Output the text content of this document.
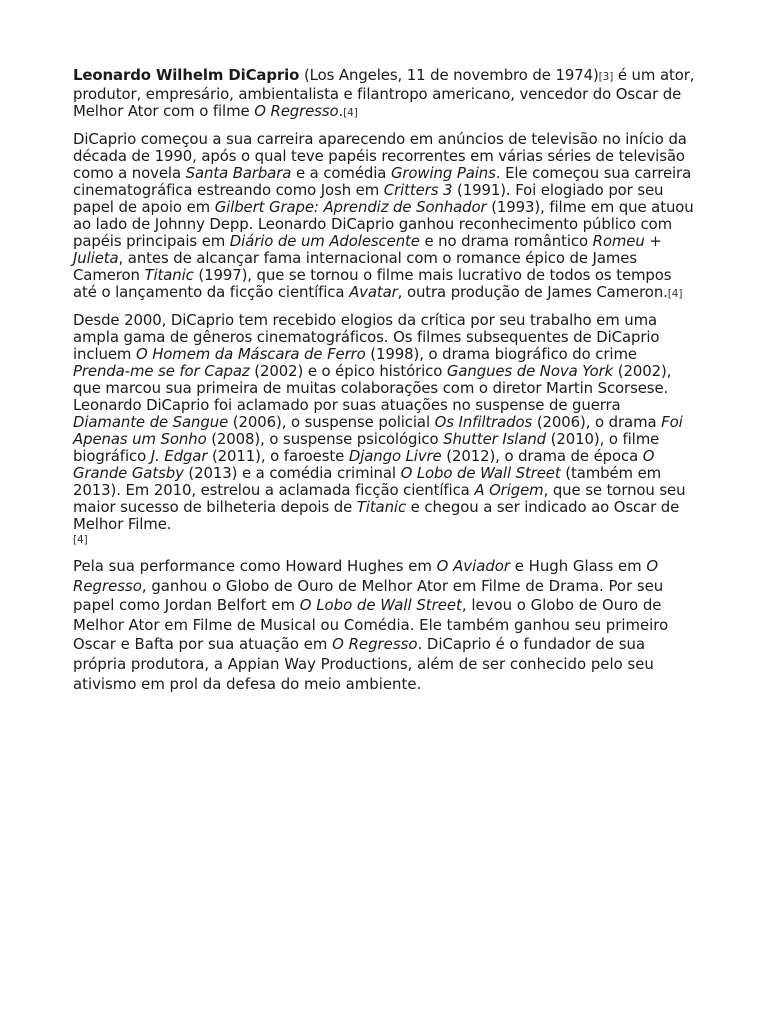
Leonardo Wilhelm DiCaprio (Los Angeles, 11 de novembro de 1974)[3] é um ator, produtor, empresário, ambientalista e filantropo americano, vencedor do Oscar de Melhor Ator com o filme O Regresso.[4]

DiCaprio começou a sua carreira aparecendo em anúncios de televisão no início da década de 1990, após o qual teve papéis recorrentes em várias séries de televisão como a novela Santa Barbara e a comédia Growing Pains. Ele começou sua carreira cinematográfica estreando como Josh em Critters 3 (1991). Foi elogiado por seu papel de apoio em Gilbert Grape: Aprendiz de Sonhador (1993), filme em que atuou ao lado de Johnny Depp. Leonardo DiCaprio ganhou reconhecimento público com papéis principais em Diário de um Adolescente e no drama romântico Romeu + Julieta, antes de alcançar fama internacional com o romance épico de James Cameron Titanic (1997), que se tornou o filme mais lucrativo de todos os tempos até o lançamento da ficção científica Avatar, outra produção de James Cameron.[4]

Desde 2000, DiCaprio tem recebido elogios da crítica por seu trabalho em uma ampla gama de gêneros cinematográficos. Os filmes subsequentes de DiCaprio incluem O Homem da Máscara de Ferro (1998), o drama biográfico do crime Prenda-me se for Capaz (2002) e o épico histórico Gangues de Nova York (2002), que marcou sua primeira de muitas colaborações com o diretor Martin Scorsese. Leonardo DiCaprio foi aclamado por suas atuações no suspense de guerra Diamante de Sangue (2006), o suspense policial Os Infiltrados (2006), o drama Foi Apenas um Sonho (2008), o suspense psicológico Shutter Island (2010), o filme biográfico J. Edgar (2011), o faroeste Django Livre (2012), o drama de época O Grande Gatsby (2013) e a comédia criminal O Lobo de Wall Street (também em 2013). Em 2010, estrelou a aclamada ficção científica A Origem, que se tornou seu maior sucesso de bilheteria depois de Titanic e chegou a ser indicado ao Oscar de Melhor Filme.
[4]

Pela sua performance como Howard Hughes em O Aviador e Hugh Glass em O Regresso, ganhou o Globo de Ouro de Melhor Ator em Filme de Drama. Por seu papel como Jordan Belfort em O Lobo de Wall Street, levou o Globo de Ouro de Melhor Ator em Filme de Musical ou Comédia. Ele também ganhou seu primeiro Oscar e Bafta por sua atuação em O Regresso. DiCaprio é o fundador de sua própria produtora, a Appian Way Productions, além de ser conhecido pelo seu ativismo em prol da defesa do meio ambiente.
